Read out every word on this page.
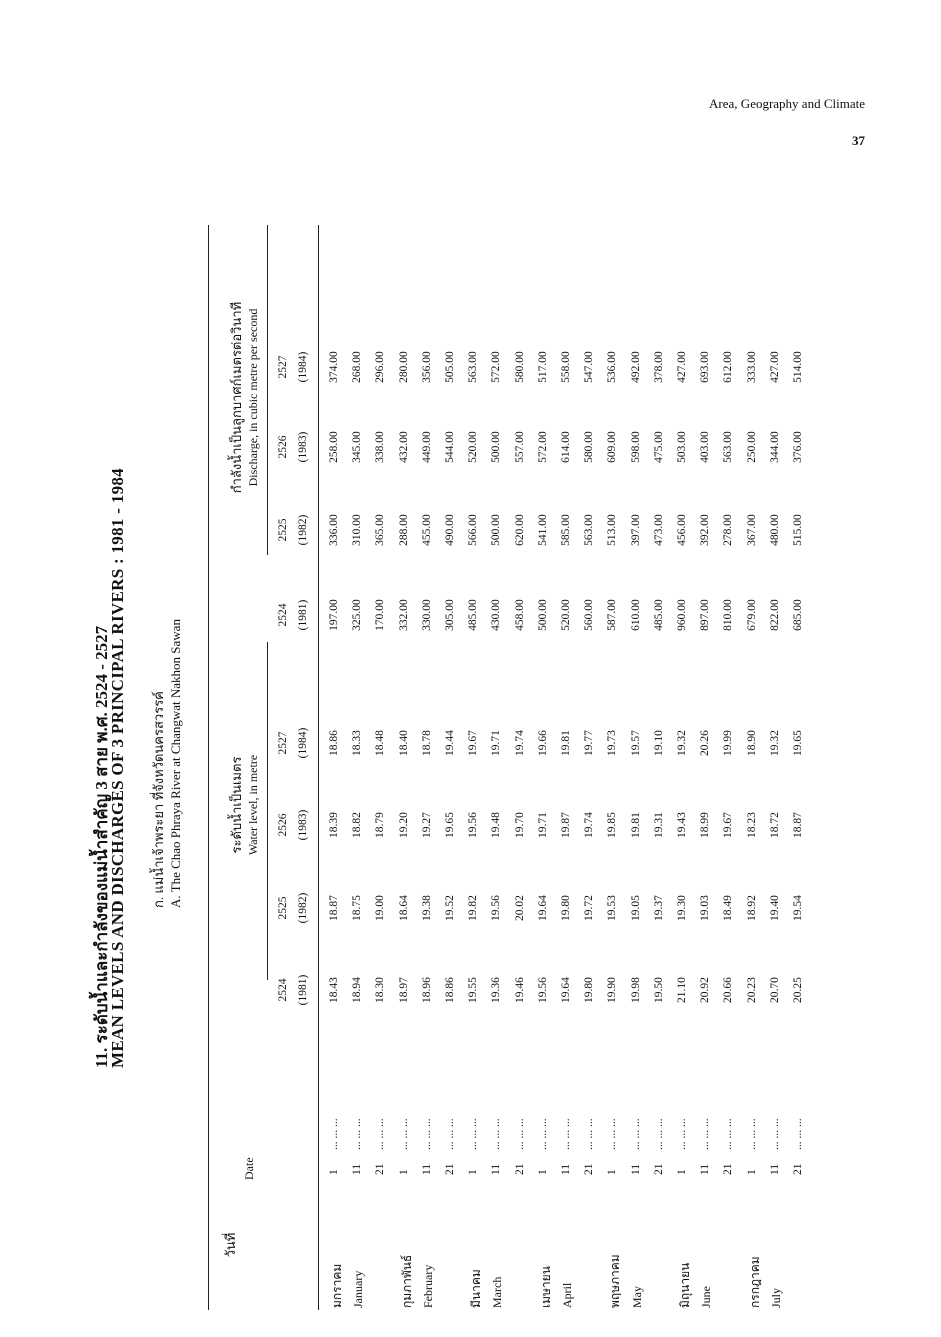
Area, Geography and Climate
37
11. ระดับน้ำและกำลังของแม่น้ำสำคัญ 3 สาย พ.ศ. 2524 - 2527
MEAN LEVELS AND DISCHARGES OF 3 PRINCIPAL RIVERS : 1981 - 1984 ก. แม่น้ำเจ้าพระยา ที่จังหวัดนครสวรรค์ A. The Chao Phraya River at Changwat Nakhon Sawan
วันที่
Date
ระดับน้ำเป็นเมตร Water level, in metre
กำลังน้ำเป็นลูกบาศก์เมตรต่อวินาที Discharge, in cubic metre per second
2524 (1981)
2525 (1982)
2526 (1983)
2527 (1984)
2524 (1981)
2525 (1982)
2526 (1983)
2527 (1984)
มกราคม January
1
... ... ...
18.43
18.87
18.39
18.86
197.00
336.00
258.00
374.00
11
... ... ...
18.94
18.75
18.82
18.33
325.00
310.00
345.00
268.00
21
... ... ...
18.30
19.00
18.79
18.48
170.00
365.00
338.00
296.00
กุมภาพันธ์ February
1
... ... ...
18.97
18.64
19.20
18.40
332.00
288.00
432.00
280.00
11
... ... ...
18.96
19.38
19.27
18.78
330.00
455.00
449.00
356.00
21
... ... ...
18.86
19.52
19.65
19.44
305.00
490.00
544.00
505.00
มีนาคม March
1
... ... ...
19.55
19.82
19.56
19.67
485.00
566.00
520.00
563.00
11
... ... ...
19.36
19.56
19.48
19.71
430.00
500.00
500.00
572.00
21
... ... ...
19.46
20.02
19.70
19.74
458.00
620.00
557.00
580.00
เมษายน April
1
... ... ...
19.56
19.64
19.71
19.66
500.00
541.00
572.00
517.00
11
... ... ...
19.64
19.80
19.87
19.81
520.00
585.00
614.00
558.00
21
... ... ...
19.80
19.72
19.74
19.77
560.00
563.00
580.00
547.00
พฤษภาคม May
1
... ... ...
19.90
19.53
19.85
19.73
587.00
513.00
609.00
536.00
11
... ... ...
19.98
19.05
19.81
19.57
610.00
397.00
598.00
492.00
21
... ... ...
19.50
19.37
19.31
19.10
485.00
473.00
475.00
378.00
มิถุนายน June
1
... ... ...
21.10
19.30
19.43
19.32
960.00
456.00
503.00
427.00
11
... ... ...
20.92
19.03
18.99
20.26
897.00
392.00
403.00
693.00
21
... ... ...
20.66
18.49
19.67
19.99
810.00
278.00
563.00
612.00
กรกฎาคม July
1
... ... ...
20.23
18.92
18.23
18.90
679.00
367.00
250.00
333.00
11
... ... ...
20.70
19.40
18.72
19.32
822.00
480.00
344.00
427.00
21
... ... ...
20.25
19.54
18.87
19.65
685.00
515.00
376.00
514.00
